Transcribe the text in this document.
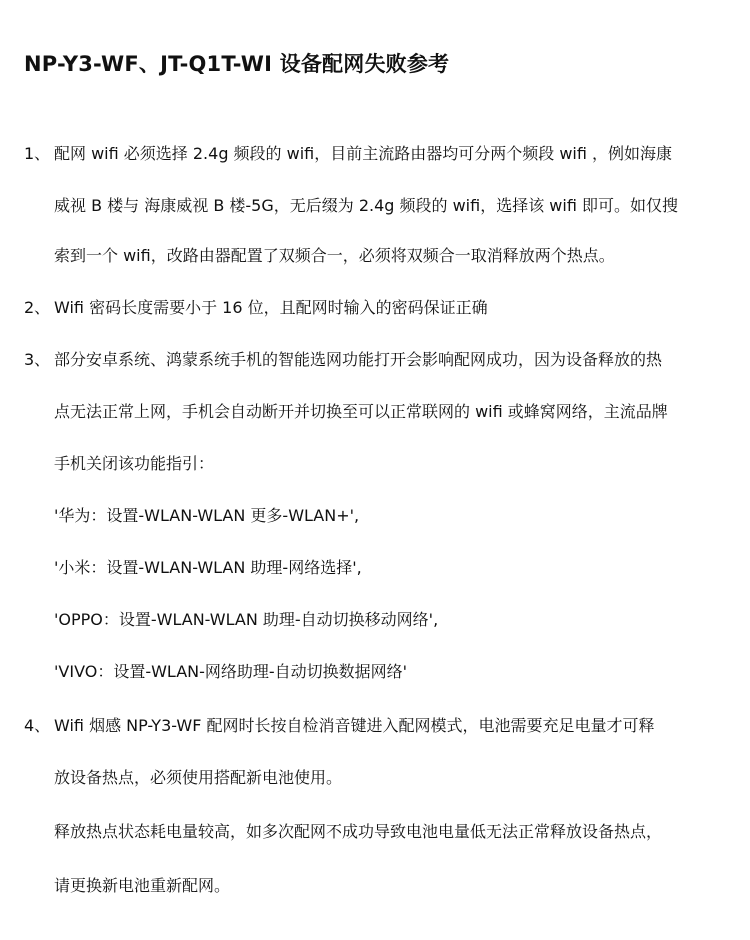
NP-Y3-WF、JT-Q1T-WI 设备配网失败参考
1、 配网 wifi 必须选择 2.4g 频段的 wifi，目前主流路由器均可分两个频段 wifi ，例如海康
威视 B 楼与 海康威视 B 楼-5G，无后缀为 2.4g 频段的 wifi，选择该 wifi 即可。如仅搜
索到一个 wifi，改路由器配置了双频合一，必须将双频合一取消释放两个热点。
2、 Wifi 密码长度需要小于 16 位，且配网时输入的密码保证正确
3、 部分安卓系统、鸿蒙系统手机的智能选网功能打开会影响配网成功，因为设备释放的热
点无法正常上网，手机会自动断开并切换至可以正常联网的 wifi 或蜂窝网络，主流品牌
手机关闭该功能指引：
'华为：设置-WLAN-WLAN 更多-WLAN+',
'小米：设置-WLAN-WLAN 助理-网络选择',
'OPPO：设置-WLAN-WLAN 助理-自动切换移动网络',
'VIVO：设置-WLAN-网络助理-自动切换数据网络'
4、 Wifi 烟感 NP-Y3-WF 配网时长按自检消音键进入配网模式，电池需要充足电量才可释
放设备热点，必须使用搭配新电池使用。
释放热点状态耗电量较高，如多次配网不成功导致电池电量低无法正常释放设备热点，
请更换新电池重新配网。
